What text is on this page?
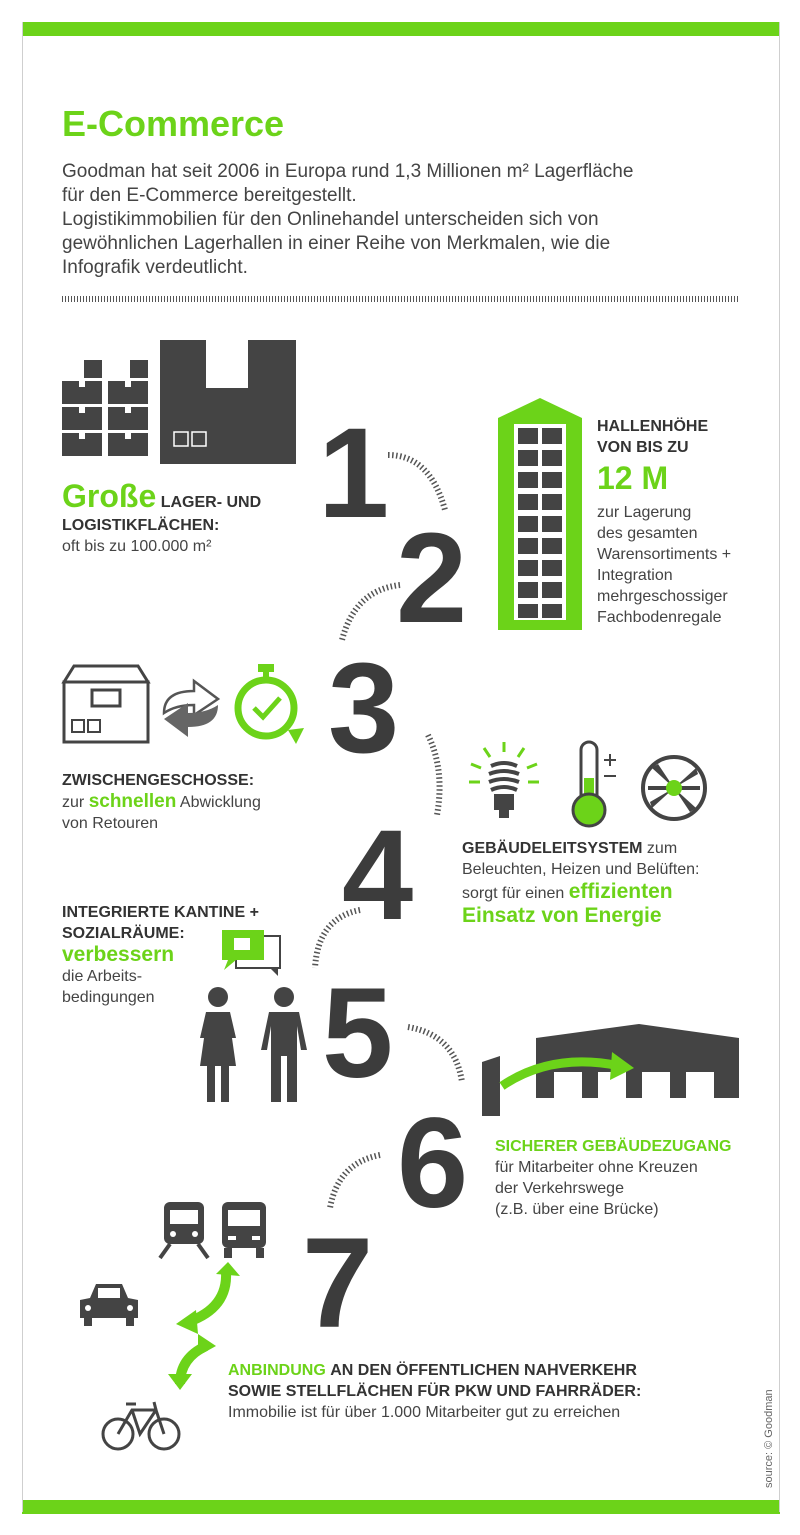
E-Commerce
Goodman hat seit 2006 in Europa rund 1,3 Millionen m² Lagerfläche
für den E-Commerce bereitgestellt.
Logistikimmobilien für den Onlinehandel unterscheiden sich von
gewöhnlichen Lagerhallen in einer Reihe von Merkmalen, wie die
Infografik verdeutlicht.
1
2
3
4
5
6
7
Große LAGER- UND
LOGISTIKFLÄCHEN:
oft bis zu 100.000 m²
HALLENHÖHE
VON BIS ZU
12 M
zur Lagerung
des gesamten
Warensortiments +
Integration
mehrgeschossiger
Fachbodenregale
ZWISCHENGESCHOSSE:
zur schnellen Abwicklung
von Retouren
GEBÄUDELEITSYSTEM zum
Beleuchten, Heizen und Belüften:
sorgt für einen effizienten
Einsatz von Energie
INTEGRIERTE KANTINE +
SOZIALRÄUME:
verbessern
die Arbeits-
bedingungen
SICHERER GEBÄUDEZUGANG
für Mitarbeiter ohne Kreuzen
der Verkehrswege
(z.B. über eine Brücke)
ANBINDUNG AN DEN ÖFFENTLICHEN NAHVERKEHR
SOWIE STELLFLÄCHEN FÜR PKW UND FAHRRÄDER:
Immobilie ist für über 1.000 Mitarbeiter gut zu erreichen	source: © Goodman
